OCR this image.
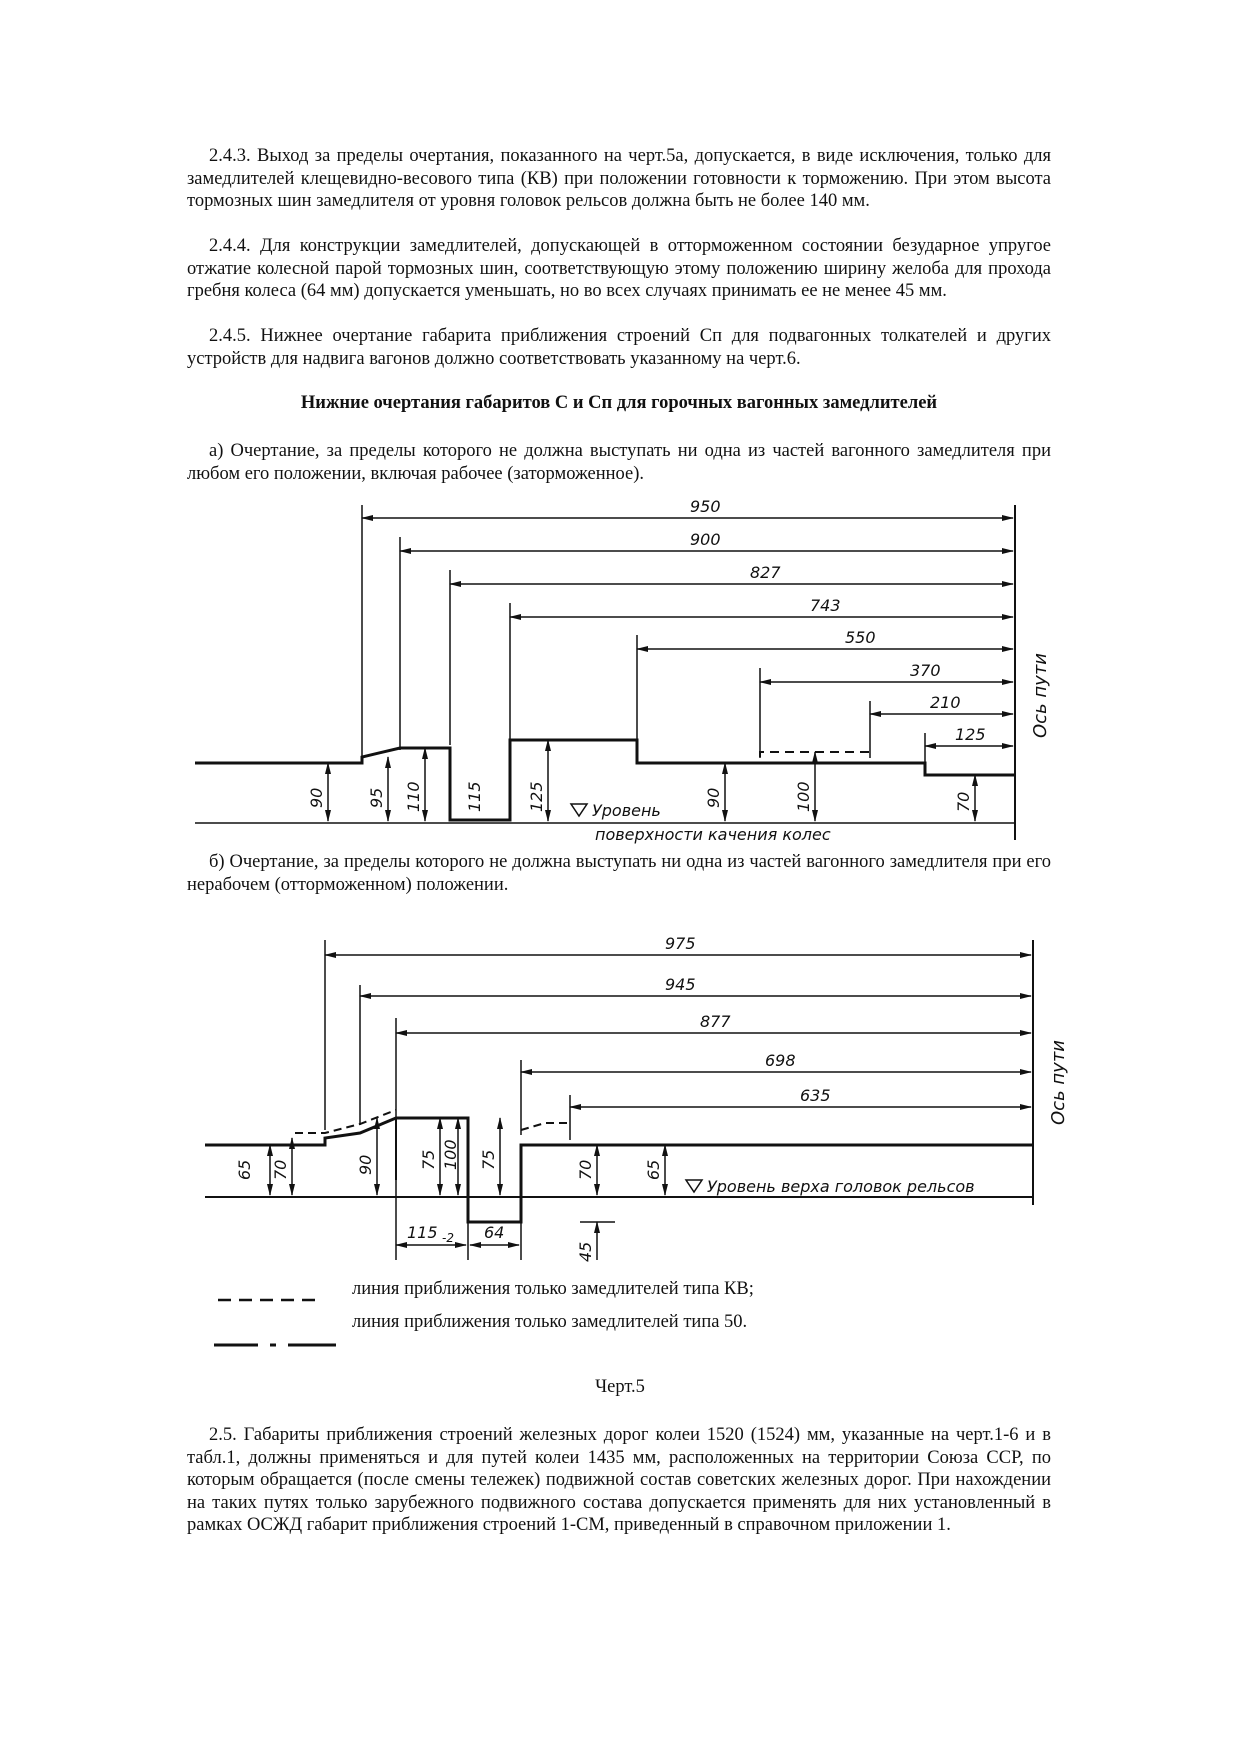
2.4.3. Выход за пределы очертания, показанного на черт.5а, допускается, в виде исключения, только для замедлителей клещевидно-весового типа (КВ) при положении готовности к торможению. При этом высота тормозных шин замедлителя от уровня головок рельсов должна быть не более 140 мм.

2.4.4. Для конструкции замедлителей, допускающей в отторможенном состоянии безударное упругое отжатие колесной парой тормозных шин, соответствующую этому положению ширину желоба для прохода гребня колеса (64 мм) допускается уменьшать, но во всех случаях принимать ее не менее 45 мм.

2.4.5. Нижнее очертание габарита приближения строений Сп для подвагонных толкателей и других устройств для надвига вагонов должно соответствовать указанному на черт.6.

Нижние очертания габаритов С и Сп для горочных вагонных замедлителей

а) Очертание, за пределы которого не должна выступать ни одна из частей вагонного замедлителя при любом его положении, включая рабочее (заторможенное).

950
900
827
743
550
370
210
125
90	95 110	115	125	90	100	70
Уровень
поверхности качения колес
Ось пути

б) Очертание, за пределы которого не должна выступать ни одна из частей вагонного замедлителя при его нерабочем (отторможенном) положении.

975
945
877
698
635
65 70	90	75 100 75	70	65
45
115 -2 64
Уровень верха головок рельсов
Ось пути

линия приближения только замедлителей типа КВ;

линия приближения только замедлителей типа 50.

Черт.5

2.5. Габариты приближения строений железных дорог колеи 1520 (1524) мм, указанные на черт.1-6 и в табл.1, должны применяться и для путей колеи 1435 мм, расположенных на территории Союза ССР, по которым обращается (после смены тележек) подвижной состав советских железных дорог. При нахождении на таких путях только зарубежного подвижного состава допускается применять для них установленный в рамках ОСЖД габарит приближения строений 1-СМ, приведенный в справочном приложении 1.
